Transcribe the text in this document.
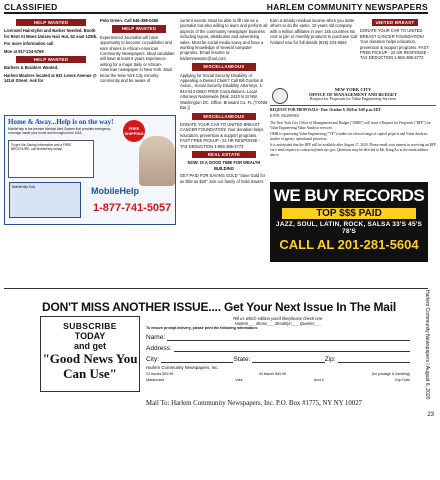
CLASSIFIED	HARLEM COMMUNITY NEWSPAPERS
HELP WANTED
Licensed Hairstylist and Barber Needed. Booth for Rent At Moes Unisex Hair Hut, 52 east 125th.
For more information call
Moe at 917-224-5769
HELP WANTED
Barbers & Braiders Wanted.
Harlem Masters located at 631 Lenox Avenue @ 141st Street. Ask for
Polo Green. Call 646-388-0450
HELP WANTED
Experienced Journalist will have opportunity to become co-publisher and earn shares in African-American Community Newspapers. Ideal candidate will have at least 5 years experience writing for a major daily or African-American newspaper in New York. Must know the New York City minority community and be aware of
current events. Must be able to fill role as a journalist but also willing to learn and perform all aspects of the community newspaper business including layout, distribution and advertising sales. Must be social media savvy and have a working knowledge of several computer programs. Email resume to: harlemnewsinc@aol.com
MISCELLANEOUS
Applying for Social Security Disability or Appealing a Denied Claim? Call Bill Gordon & Assoc., Social Security Disability Attorneys, 1-844-513-0862! FREE Consultations. Local Attorneys Nationwide [Mail: 2420 N St NW, Washington DC. Office: Broward Co. FL (TX/NM Bar.)]
MISCELLANEOUS
DONATE YOUR CAR TO UNITED BREAST CANCER FOUNDATION! Your donation helps education, prevention & support programs. FAST FREE PICKUP - 24 HR RESPONSE - TAX DEDUCTION 1-855-385-3773
REAL ESTATE
NOW: IS A GOOD TIME FOR WEALTH BUILDING
GET PAID FOR SAVING GOLD "Save Gold for as little as $20" Join our family of Gold Savers
Earn a steady residual income when you invite others to do the same. 10 years old company with a million affiliates in over 145 countries No cost to join or monthly products to purchase Call /Voland now for full details (929) 234-6564
UNITED BREAST
DONATE YOUR CAR TO UNITED BREAST CANCER FOUNDATION! Your donation helps education, prevention & support programs. FAST FREE PICKUP - 24 HR RESPONSE - TAX DEDUCTION 1-855-385-3773
Home & Away...Help is on the way!
MobileHelp is the premier Medical Alert System that provides emergency coverage inside your home and throughout the USA.
To get Life Saving Information and a FREE BROCHURE, call MobileHelp today!
FREE SHIPPING
MobileHelp Solo	MobileHelp
1-877-741-5057
NEW YORK CITY
OFFICE OF MANAGEMENT AND BUDGET
Request for Proposals for Value Engineering Services

REQUEST FOR PROPOSALS - Due: October 9, 2020 at 3:00 p.m. EDT

E-PIN: 00220P0001

The New York City Office of Management and Budget ("OMB") will issue a Request for Proposals ("RFP") for Value Engineering/Value Analysis services.

OMB is sponsoring Value Engineering ("VE") studies on a broad range of capital projects and Value Analysis studies of agency operational processes.

It is anticipated that the RFP will be available after August 17, 2020. Please email your interest in receiving an RFP via e-mail request to contracts@omb.nyc.gov. Questions may be directed to Mr. Kang Ko at the email address above.

WE BUY RECORDS
TOP $$$ PAID
JAZZ, SOUL, LATIN, ROCK, SALSA 33'S 45'S 78'S
CALL AL 201-281-5604
DON'T MISS ANOTHER ISSUE.... Get Your Next Issue In The Mail
SUBSCRIBE
TODAY
and get
"Good News You Can Use"
Tell us which edition you'd like/please check one:
Harlem___ Bronx___ Brooklyn___ Queens___
To ensure prompt delivery, please print the following information:
Name:
Address:
City:	State:	Zip:
Harlem Community Newspapers, Inc.
24 Issues $29.95	44 Issues $49.95	(for postage & handling)
Mastercard	Visa	Acct #	Exp Date
Mail To: Harlem Community Newspapers, Inc. P.O. Box #1775, NY NY 10027
Harlem Community Newspapers | August 6, 2020
23
